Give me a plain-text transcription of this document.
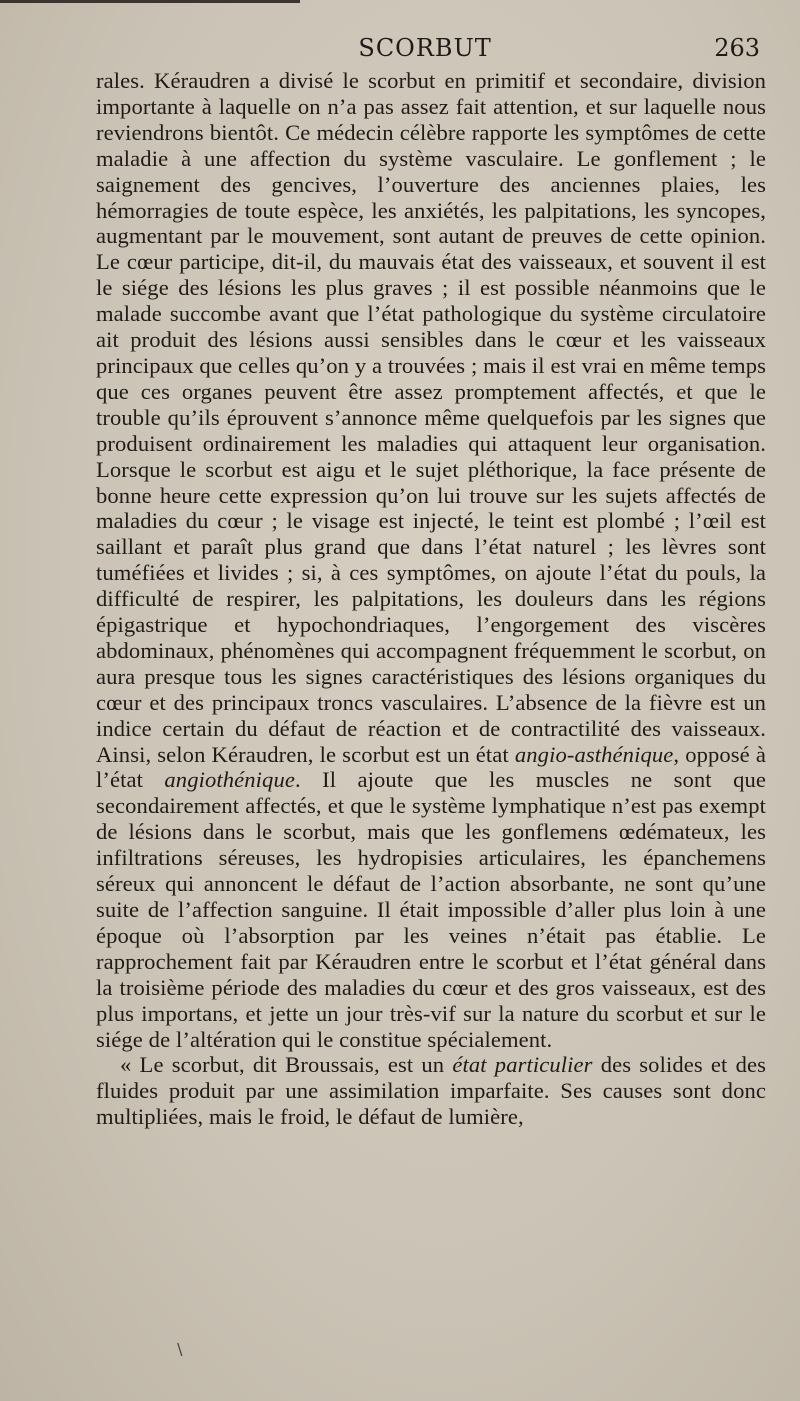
SCORBUT	263

rales. Kéraudren a divisé le scorbut en primitif et secondaire, division importante à laquelle on n’a pas assez fait attention, et sur laquelle nous reviendrons bientôt. Ce médecin célèbre rapporte les symptômes de cette maladie à une affection du système vasculaire. Le gonflement ; le saignement des gencives, l’ouverture des anciennes plaies, les hémorragies de toute espèce, les anxiétés, les palpitations, les syncopes, augmentant par le mouvement, sont autant de preuves de cette opinion. Le cœur participe, dit-il, du mauvais état des vaisseaux, et souvent il est le siége des lésions les plus graves ; il est possible néanmoins que le malade succombe avant que l’état pathologique du système circulatoire ait produit des lésions aussi sensibles dans le cœur et les vaisseaux principaux que celles qu’on y a trouvées ; mais il est vrai en même temps que ces organes peuvent être assez promptement affectés, et que le trouble qu’ils éprouvent s’annonce même quelquefois par les signes que produisent ordinairement les maladies qui attaquent leur organisation. Lorsque le scorbut est aigu et le sujet pléthorique, la face présente de bonne heure cette expression qu’on lui trouve sur les sujets affectés de maladies du cœur ; le visage est injecté, le teint est plombé ; l’œil est saillant et paraît plus grand que dans l’état naturel ; les lèvres sont tuméfiées et livides ; si, à ces symptômes, on ajoute l’état du pouls, la difficulté de respirer, les palpitations, les douleurs dans les régions épigastrique et hypochondriaques, l’engorgement des viscères abdominaux, phénomènes qui accompagnent fréquemment le scorbut, on aura presque tous les signes caractéristiques des lésions organiques du cœur et des principaux troncs vasculaires. L’absence de la fièvre est un indice certain du défaut de réaction et de contractilité des vaisseaux. Ainsi, selon Kéraudren, le scorbut est un état angio-asthénique, opposé à l’état angiothénique. Il ajoute que les muscles ne sont que secondairement affectés, et que le système lymphatique n’est pas exempt de lésions dans le scorbut, mais que les gonflemens œdémateux, les infiltrations séreuses, les hydropisies articulaires, les épanchemens séreux qui annoncent le défaut de l’action absorbante, ne sont qu’une suite de l’affection sanguine. Il était impossible d’aller plus loin à une époque où l’absorption par les veines n’était pas établie. Le rapprochement fait par Kéraudren entre le scorbut et l’état général dans la troisième période des maladies du cœur et des gros vaisseaux, est des plus importans, et jette un jour très-vif sur la nature du scorbut et sur le siége de l’altération qui le constitue spécialement.

« Le scorbut, dit Broussais, est un état particulier des solides et des fluides produit par une assimilation imparfaite. Ses causes sont donc multipliées, mais le froid, le défaut de lumière,

∖
